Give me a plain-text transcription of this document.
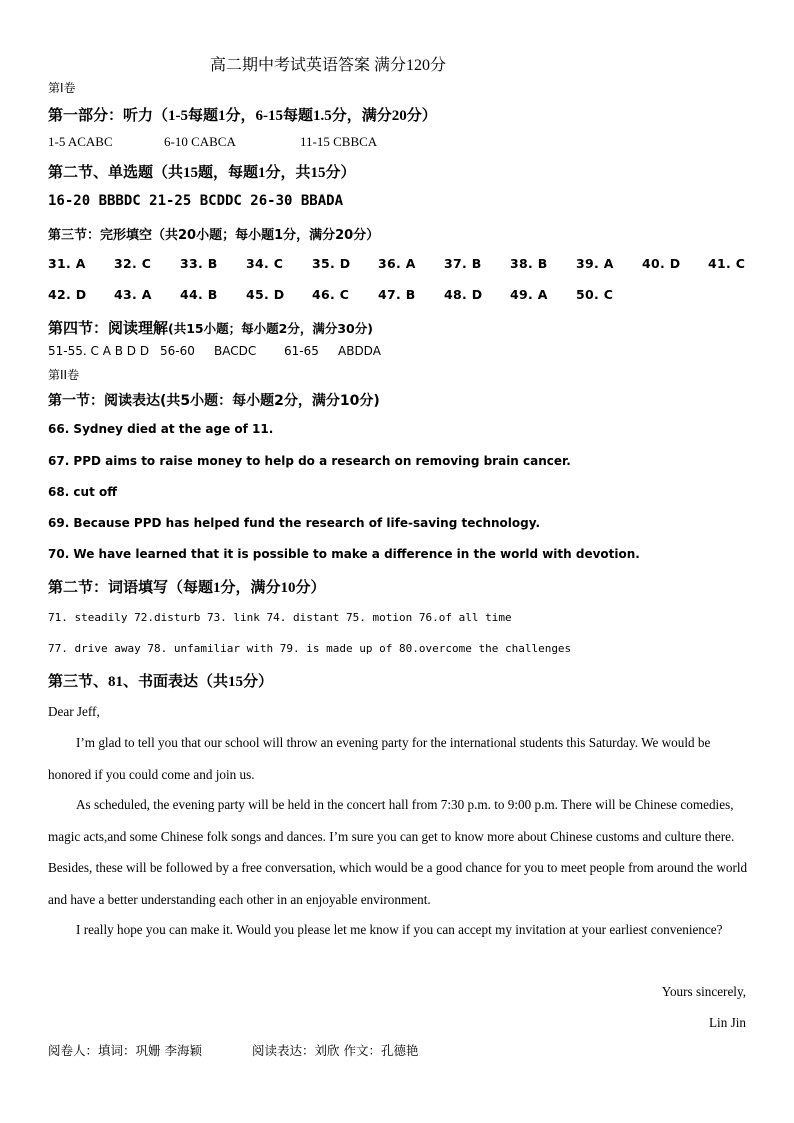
高二期中考试英语答案 满分120分
第I卷
第一部分：听力（1-5每题1分，6-15每题1.5分，满分20分）
1-5 ACABC	6-10 CABCA	11-15 CBBCA
第二节、单选题（共15题，每题1分，共15分）
16-20 BBBDC 21-25 BCDDC 26-30 BBADA
第三节：完形填空（共20小题；每小题1分，满分20分）
31. A 32. C 33. B 34. C 35. D 36. A 37. B 38. B 39. A 40. D 41. C
42. D 43. A 44. B 45. D 46. C 47. B 48. D 49. A 50. C
第四节：阅读理解(共15小题；每小题2分，满分30分)
51-55. C A B D D 56-60 BACDC 61-65 ABDDA
第II卷
第一节：阅读表达(共5小题：每小题2分，满分10分)
66. Sydney died at the age of 11.
67. PPD aims to raise money to help do a research on removing brain cancer.
68. cut off
69. Because PPD has helped fund the research of life-saving technology.
70. We have learned that it is possible to make a difference in the world with devotion.
第二节：词语填写（每题1分，满分10分）
71. steadily 72.disturb 73. link 74. distant 75. motion 76.of all time
77. drive away 78. unfamiliar with 79. is made up of 80.overcome the challenges
第三节、81、书面表达（共15分）
Dear Jeff,
I’m glad to tell you that our school will throw an evening party for the international students this Saturday. We would be honored if you could come and join us.
As scheduled, the evening party will be held in the concert hall from 7:30 p.m. to 9:00 p.m. There will be Chinese comedies, magic acts,and some Chinese folk songs and dances. I’m sure you can get to know more about Chinese customs and culture there. Besides, these will be followed by a free conversation, which would be a good chance for you to meet people from around the world and have a better understanding each other in an enjoyable environment.
I really hope you can make it. Would you please let me know if you can accept my invitation at your earliest convenience?
Yours sincerely,
Lin Jin
阅卷人：填词：巩姗 李海颖	阅读表达：刘欣 作文：孔德艳
